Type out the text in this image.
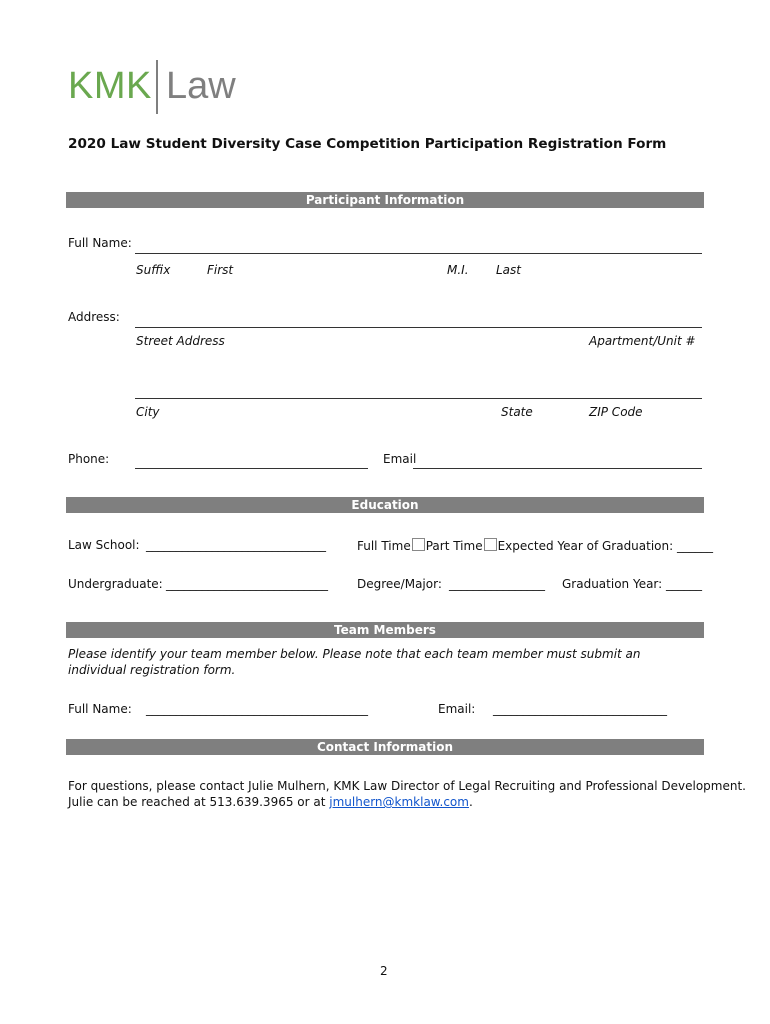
KMK Law
2020 Law Student Diversity Case Competition Participation Registration Form
Participant Information
Full Name:
Suffix	First	M.I. Last
Address:
Street Address	Apartment/Unit #
City	State	ZIP Code
Phone:	Email
Education
Law School: ______________________________	Full Time Part Time Expected Year of Graduation: ______
Undergraduate: ___________________________ Degree/Major: ________________ Graduation Year: ______
Team Members
Please identify your team member below. Please note that each team member must submit an individual registration form.
Full Name: _____________________________________	Email: _____________________________
Contact Information
For questions, please contact Julie Mulhern, KMK Law Director of Legal Recruiting and Professional Development.
Julie can be reached at 513.639.3965 or at jmulhern@kmklaw.com.
2
